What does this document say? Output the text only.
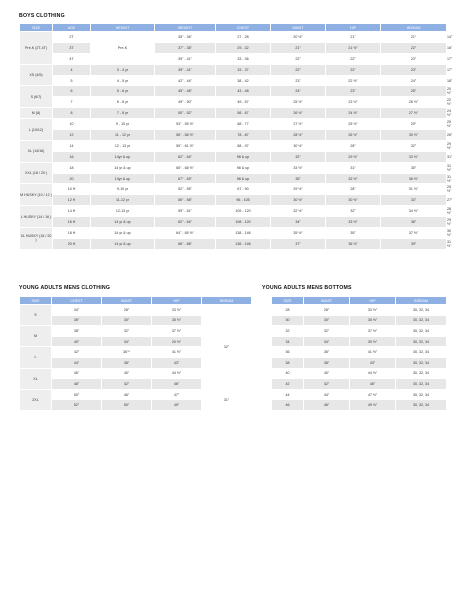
BOYS CLOTHING
SIZE	AGE	HEIGHT	WEIGHT	CHEST	WAIST	HIP	INSEAM	
Pre-K (2T-4T)	2T	Pre-K	35" - 36"	27 - 28	20 ½"	21"	21"	14"
	3T		37" - 38"	29 - 32	21"	21 ½"	22"	16"
	4T		39" - 41"	33 - 36	22"	22"	23"	17"
XS (4/5)	4	3 - 4 yr	39" - 41"	33 - 37	22"	22"	23"	17"
	5	4 - 5 yr	42" - 44"	38 - 42	23"	22 ½"	24"	18"
S (6/7)	6	5 - 6 yr	45" - 48"	43 - 48	24"	23"	25"	20 ½"
	7	6 - 8 yr	49" - 50"	49 - 57	25 ½"	23 ½"	26 ½"	22 ½"
M (8)	8	7 - 8 yr	50" - 52"	58 - 67	26 ½"	24 ½"	27 ½"	24 ½"
L (10/12)	10	9 - 10 yr	53" - 55 ½"	68 - 77	27 ½"	25 ½"	29"	25 ½"
	12	11 - 12 yr	56" - 58 ½"	78 - 87	28 ½"	26 ½"	30 ½"	26"
XL (14/16)	14	12 - 13 yr	59" - 61 ½"	88 - 97	30 ½"	28"	32"	29 ½"
	16	14yr & up	62" - 64"	98 & up	32"	29 ½"	33 ½"	31"
XXL (18 / 20 )	18	14 yr & up	65" - 68 ½"	98 & up	33 ½"	31"	35"	31 ½"
	20	14yr & up	67" - 69"	98 & up	35"	32 ½"	36 ½"	31 ½"
M HUSKY (10 / 12 )	10 H	9-10 yr	52" - 55"	67 - 90	29 ½"	28"	31 ½"	25 ½"
	12 H	11-12 yr	56" - 58"	96 - 105	30 ½"	30 ½"	33"	27"
L HUSKY (14 / 16 )	14 H	12-13 yr	59" - 61"	109 - 120	32 ½"	32"	34 ½"	28 ½"
	16 H	14 yr & up	62" - 64"	108 - 120	34"	33 ½"	36"	29 ½"
XL HUSKY (18 / 20 )	18 H	14 yr & up	64" - 65 ½"	138 - 146	35 ½"	35"	37 ½"	30 ½"
	20 H	14 yr & up	66" - 68"	136 - 146	37"	36 ½"	39"	31 ½"
YOUNG ADULTS MENS CLOTHING
SIZE	CHEST	WAIST	HIP	INSEAM
S	34"	28"	33 ½"	32"
	36"	30"	35 ½"	
M	38"	32"	37 ½"	
	40"	34"	20 ½"	
L	42"	36"*	41 ½"	
	44"	38"	43"	
XL	46"	40"	44 ½"	
	48"	42"	46"	
2XL	50"	46"	47"	31"
	52"	50"	49"	
YOUNG ADULTS MENS BOTTOMS
SIZE	WAIST	HIP	INSEAM
28	28"	33 ½"	30, 32, 34
30	30"	35 ½"	30, 32, 34
32	32"	37 ½"	30, 32, 34
34	34"	39 ½"	30, 32, 34
36	36"	41 ½"	30, 32, 34
38	38"	43"	30, 32, 34
40	40"	44 ½"	30, 32, 34
42	42"	46"	30, 32, 34
44	44"	47 ½"	30, 32, 34
46	46"	49 ½"	30, 32, 34
